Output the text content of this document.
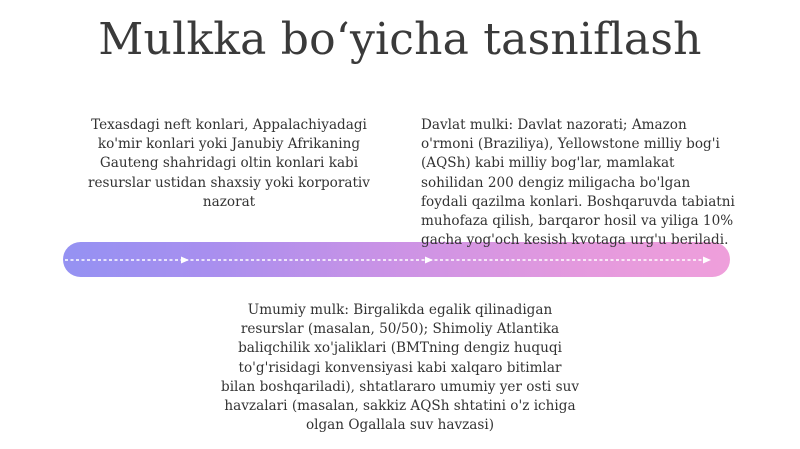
Mulkka bo‘yicha tasniflash
Texasdagi neft konlari, Appalachiyadagi ko'mir konlari yoki Janubiy Afrikaning Gauteng shahridagi oltin konlari kabi resurslar ustidan shaxsiy yoki korporativ nazorat
Davlat mulki: Davlat nazorati; Amazon o'rmoni (Braziliya), Yellowstone milliy bog'i (AQSh) kabi milliy bog'lar, mamlakat sohilidan 200 dengiz miligacha bo'lgan foydali qazilma konlari. Boshqaruvda tabiatni muhofaza qilish, barqaror hosil va yiliga 10% gacha yog'och kesish kvotaga urg'u beriladi.
Umumiy mulk: Birgalikda egalik qilinadigan resurslar (masalan, 50/50); Shimoliy Atlantika baliqchilik xo'jaliklari (BMTning dengiz huquqi to'g'risidagi konvensiyasi kabi xalqaro bitimlar bilan boshqariladi), shtatlararo umumiy yer osti suv havzalari (masalan, sakkiz AQSh shtatini o'z ichiga olgan Ogallala suv havzasi)
